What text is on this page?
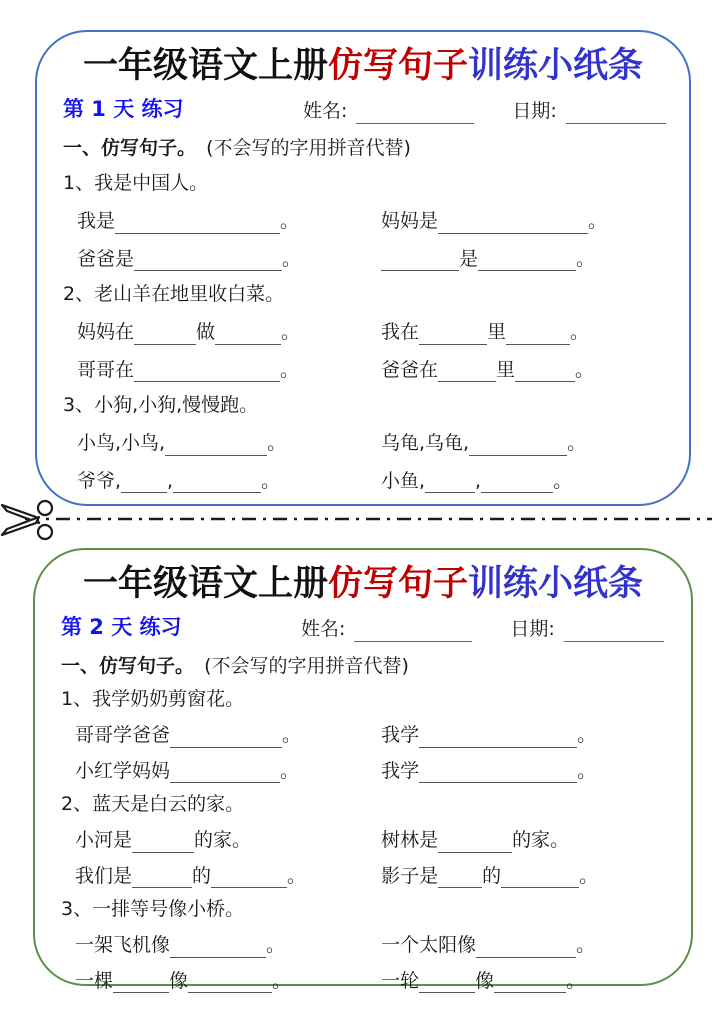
一年级语文上册仿写句子训练小纸条
第 1 天 练习	姓名:	日期:
一、仿写句子。 (不会写的字用拼音代替)
1、我是中国人。
我是	。	妈妈是	。
爸爸是	。	是	。
2、老山羊在地里收白菜。
妈妈在	做	。	我在	里	。
哥哥在	。	爸爸在	里	。
3、小狗,小狗,慢慢跑。
小鸟,小鸟,	。	乌龟,乌龟,	。
爷爷, ,	。	小鱼,	,	。
一年级语文上册仿写句子训练小纸条
第 2 天 练习	姓名:	日期:
一、仿写句子。 (不会写的字用拼音代替)
1、我学奶奶剪窗花。
哥哥学爸爸	。	我学	。
小红学妈妈	。	我学	。
2、蓝天是白云的家。
小河是	的家。	树林是	的家。
我们是	的	。	影子是 的	。
3、一排等号像小桥。
一架飞机像	。	一个太阳像	。
一棵	像	。	一轮	像	。
